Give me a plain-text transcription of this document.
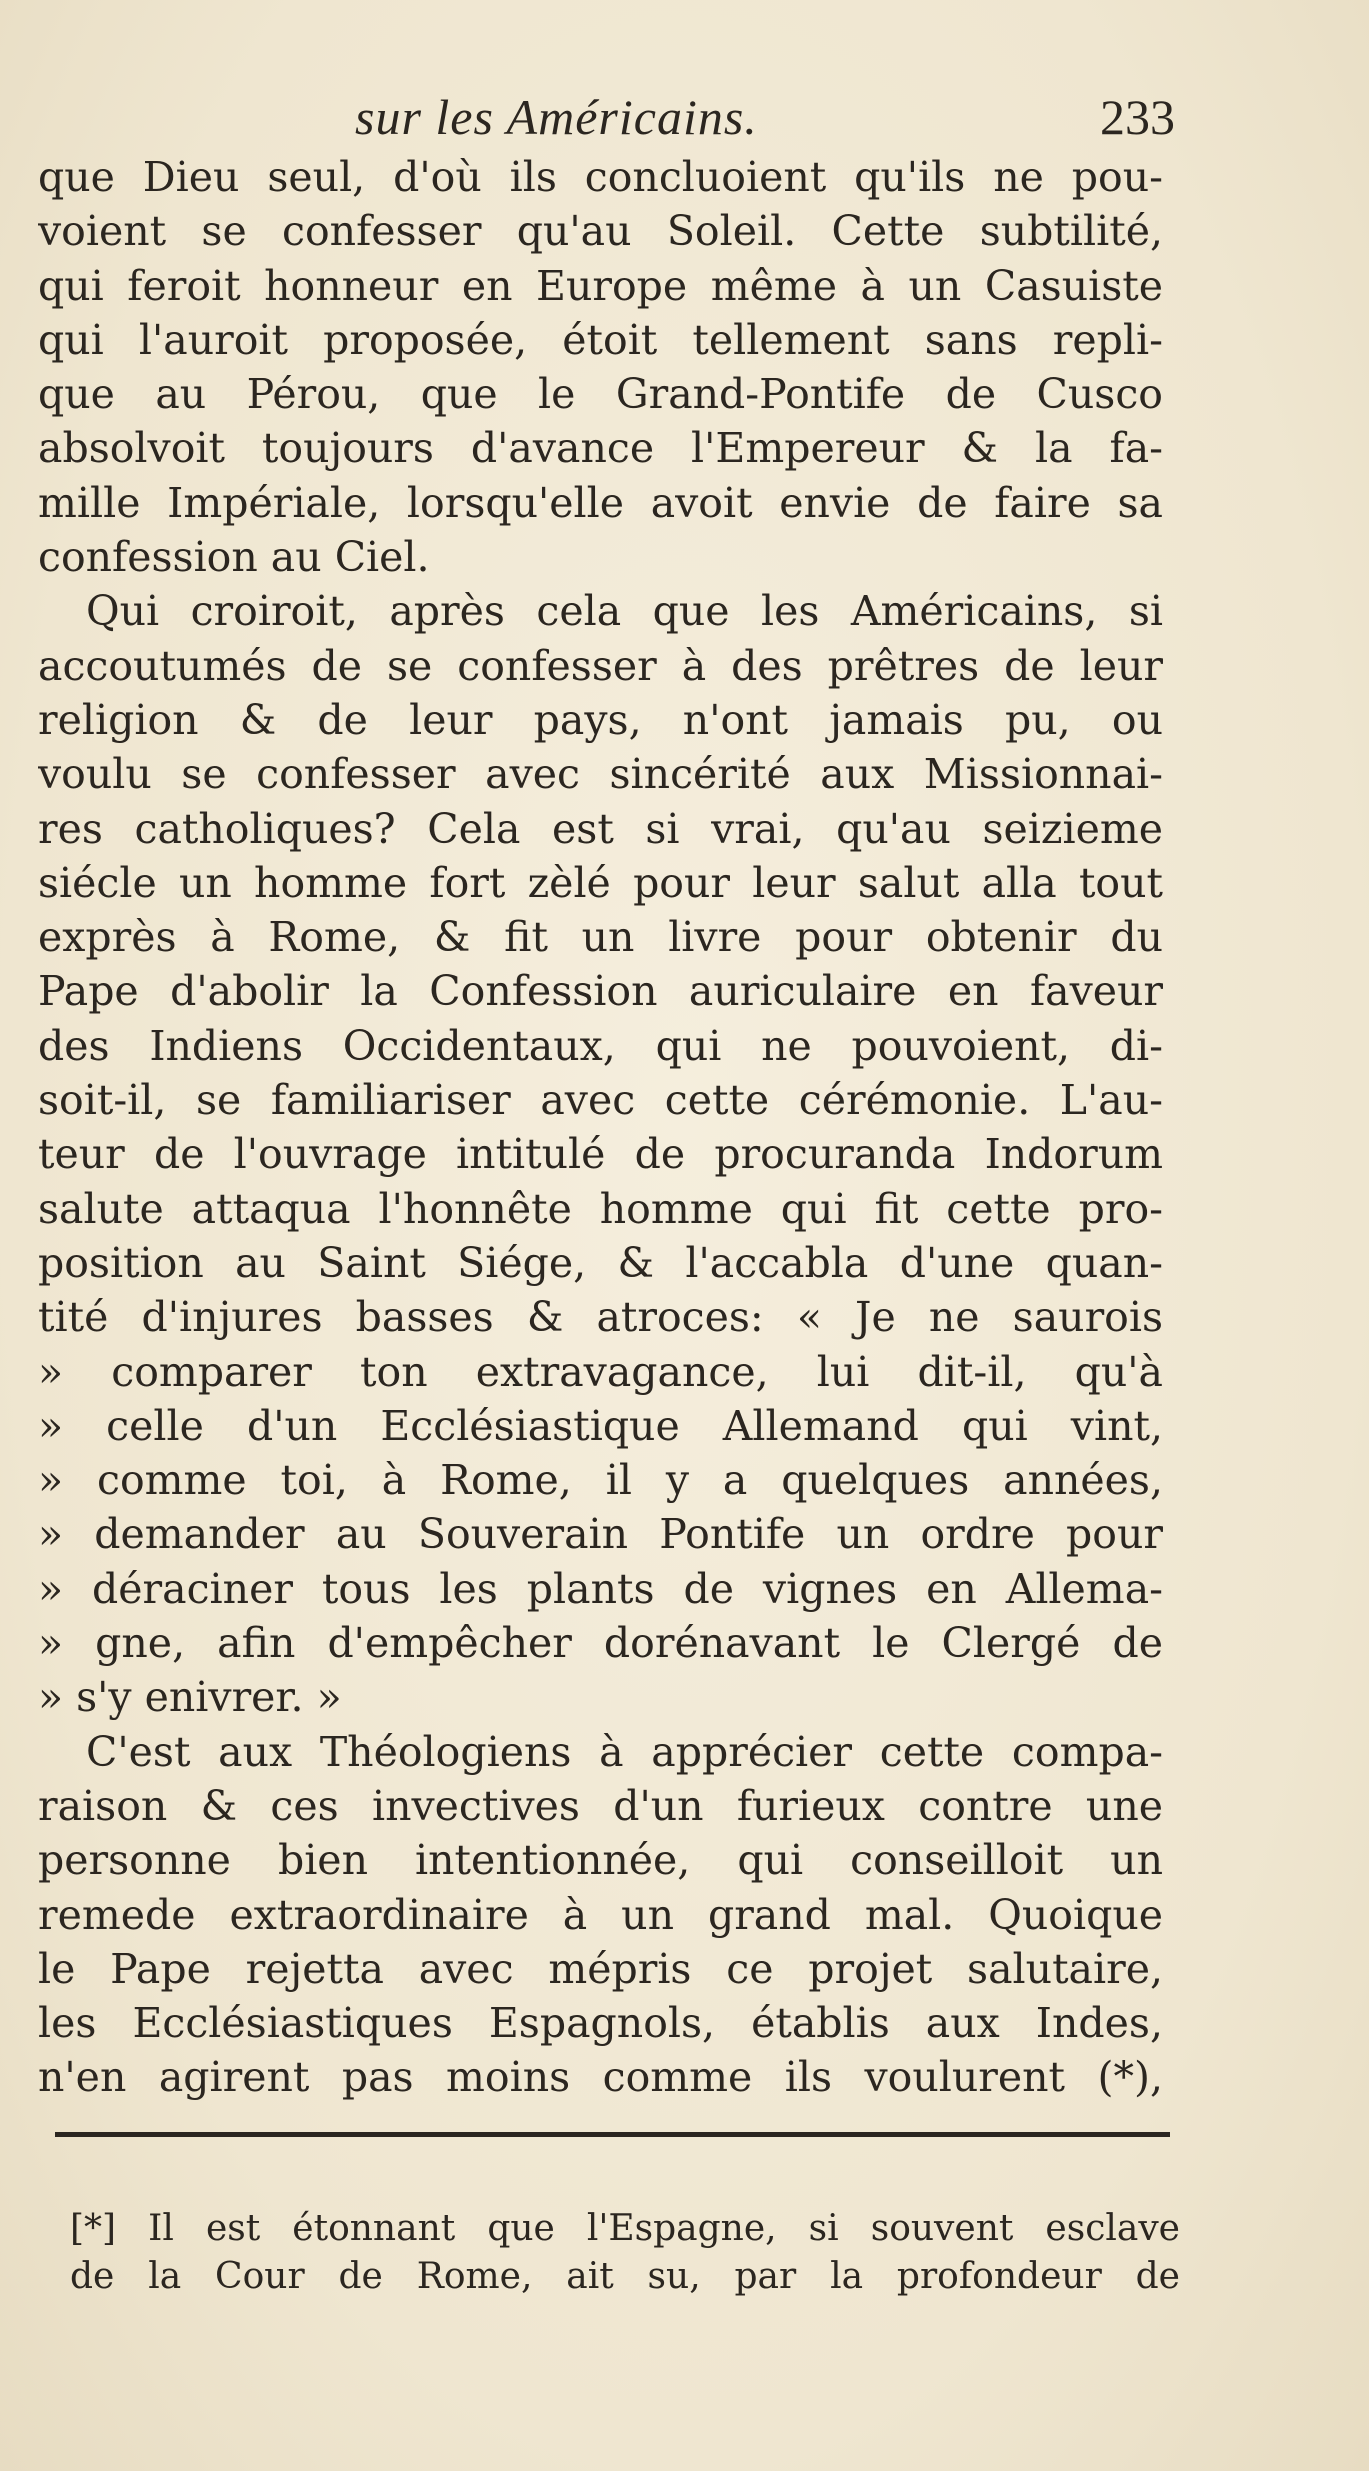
sur les Américains.	233
que Dieu seul, d'où ils concluoient qu'ils ne pou-
voient se confesser qu'au Soleil. Cette subtilité,
qui feroit honneur en Europe même à un Casuiste
qui l'auroit proposée, étoit tellement sans repli-
que au Pérou, que le Grand-Pontife de Cusco
absolvoit toujours d'avance l'Empereur & la fa-
mille Impériale, lorsqu'elle avoit envie de faire sa
confession au Ciel.
Qui croiroit, après cela que les Américains, si
accoutumés de se confesser à des prêtres de leur
religion & de leur pays, n'ont jamais pu, ou
voulu se confesser avec sincérité aux Missionnai-
res catholiques? Cela est si vrai, qu'au seizieme
siécle un homme fort zèlé pour leur salut alla tout
exprès à Rome, & fit un livre pour obtenir du
Pape d'abolir la Confession auriculaire en faveur
des Indiens Occidentaux, qui ne pouvoient, di-
soit-il, se familiariser avec cette cérémonie. L'au-
teur de l'ouvrage intitulé de procuranda Indorum
salute attaqua l'honnête homme qui fit cette pro-
position au Saint Siége, & l'accabla d'une quan-
tité d'injures basses & atroces: « Je ne saurois
» comparer ton extravagance, lui dit-il, qu'à
» celle d'un Ecclésiastique Allemand qui vint,
» comme toi, à Rome, il y a quelques années,
» demander au Souverain Pontife un ordre pour
» déraciner tous les plants de vignes en Allema-
» gne, afin d'empêcher dorénavant le Clergé de
» s'y enivrer. »
C'est aux Théologiens à apprécier cette compa-
raison & ces invectives d'un furieux contre une
personne bien intentionnée, qui conseilloit un
remede extraordinaire à un grand mal. Quoique
le Pape rejetta avec mépris ce projet salutaire,
les Ecclésiastiques Espagnols, établis aux Indes,
n'en agirent pas moins comme ils voulurent (*),
[*] Il est étonnant que l'Espagne, si souvent esclave
de la Cour de Rome, ait su, par la profondeur de
